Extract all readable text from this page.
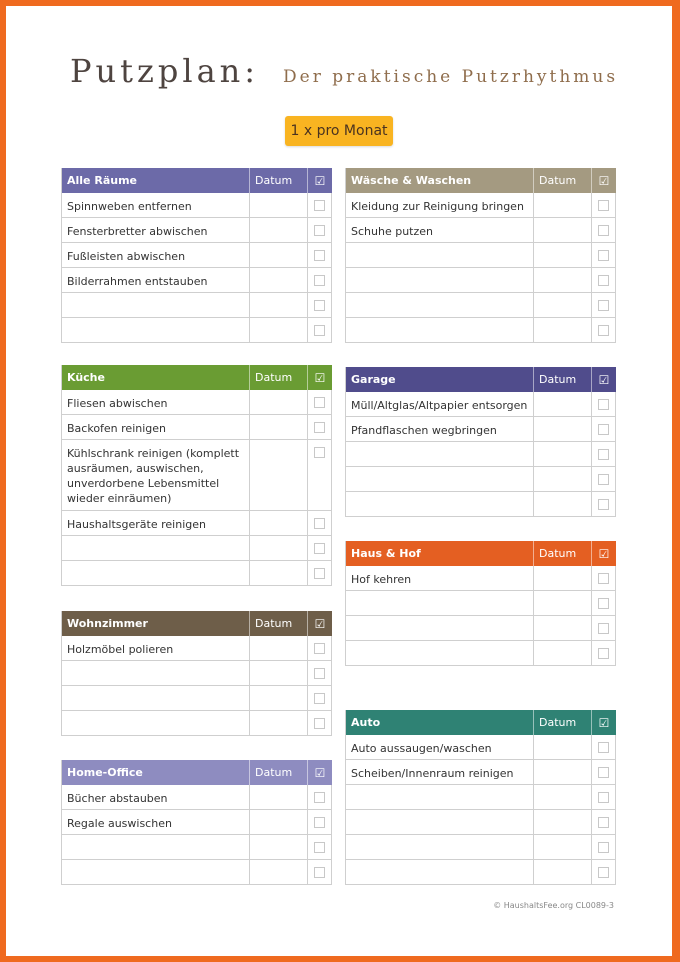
Putzplan: Der praktische Putzrhythmus
1 x pro Monat
Alle Räume	Datum	☑
Spinnweben entfernen
Fensterbretter abwischen
Fußleisten abwischen
Bilderrahmen entstauben
Küche	Datum	☑
Fliesen abwischen
Backofen reinigen
Kühlschrank reinigen (komplett ausräumen, auswischen, unverdorbene Lebensmittel wieder einräumen)
Haushaltsgeräte reinigen
Wohnzimmer	Datum	☑
Holzmöbel polieren
Home-Office	Datum	☑
Bücher abstauben
Regale auswischen
Wäsche & Waschen	Datum	☑
Kleidung zur Reinigung bringen
Schuhe putzen
Garage	Datum	☑
Müll/Altglas/Altpapier entsorgen
Pfandflaschen wegbringen
Haus & Hof	Datum	☑
Hof kehren
Auto	Datum	☑
Auto aussaugen/waschen
Scheiben/Innenraum reinigen
© HaushaltsFee.org CL0089-3
